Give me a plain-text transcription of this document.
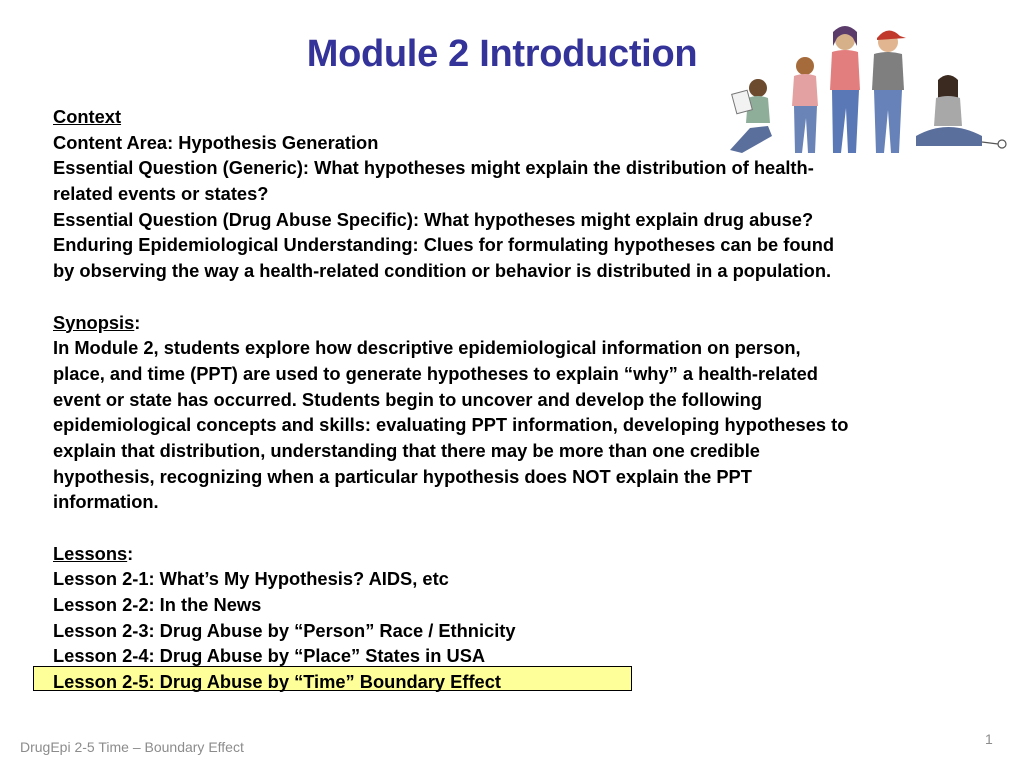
Module 2 Introduction
Context
Content Area: Hypothesis Generation
Essential Question (Generic): What hypotheses might explain the distribution of health-
related events or states?
Essential Question (Drug Abuse Specific): What hypotheses might explain drug abuse?
Enduring Epidemiological Understanding: Clues for formulating hypotheses can be found
by observing the way a health-related condition or behavior is distributed in a population.
Synopsis:
In Module 2, students explore how descriptive epidemiological information on person,
place, and time (PPT) are used to generate hypotheses to explain “why” a health-related
event or state has occurred. Students begin to uncover and develop the following
epidemiological concepts and skills: evaluating PPT information, developing hypotheses to
explain that distribution, understanding that there may be more than one credible
hypothesis, recognizing when a particular hypothesis does NOT explain the PPT
information.
Lessons:
Lesson 2-1: What’s My Hypothesis? AIDS, etc
Lesson 2-2: In the News
Lesson 2-3: Drug Abuse by “Person” Race / Ethnicity
Lesson 2-4: Drug Abuse by “Place” States in USA
Lesson 2-5: Drug Abuse by “Time” Boundary Effect
DrugEpi 2-5 Time – Boundary Effect	1
